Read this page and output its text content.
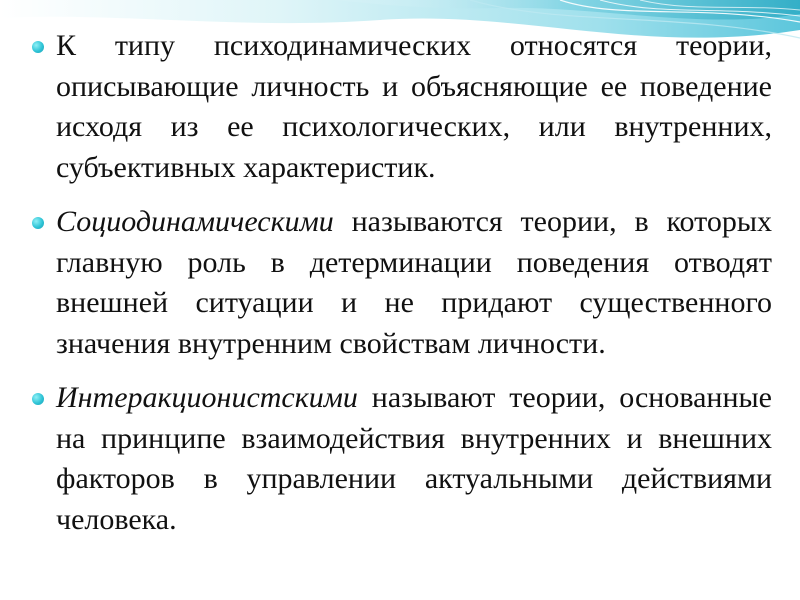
К типу психодинамических относятся теории, описывающие личность и объясняющие ее поведение исходя из ее психологических, или внутренних, субъективных характеристик.
Социодинамическими называются теории, в которых главную роль в детерминации поведения отводят внешней ситуации и не придают существенного значения внутренним свойствам личности.
Интеракционистскими называют теории, основанные на принципе взаимодействия внутренних и внешних факторов в управлении актуальными действиями человека.
